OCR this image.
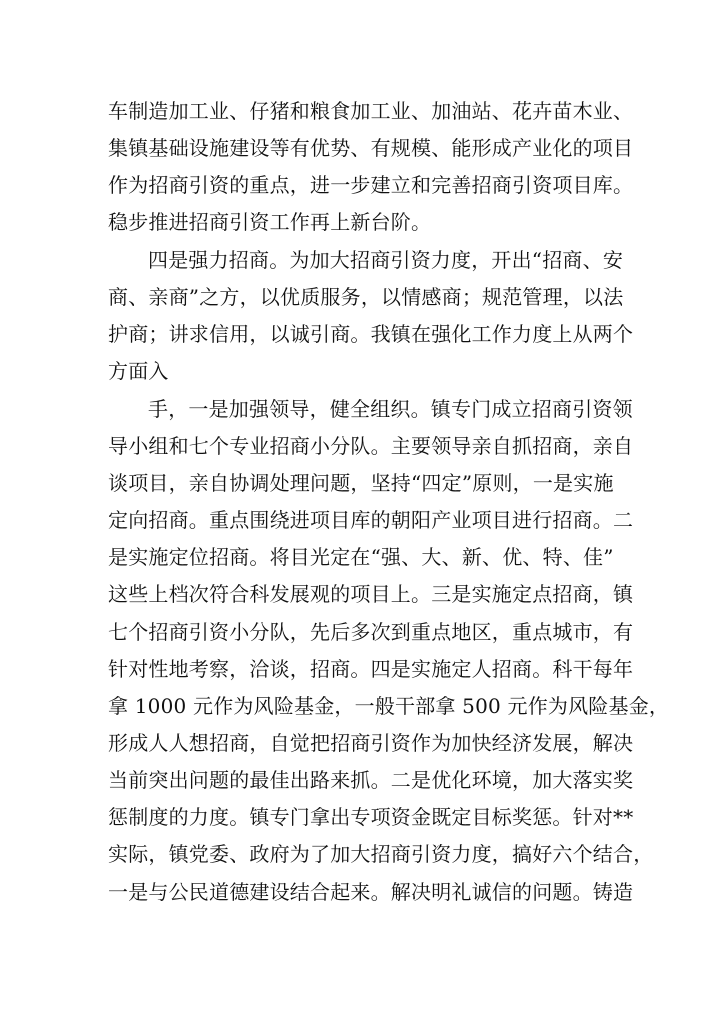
车制造加工业、仔猪和粮食加工业、加油站、花卉苗木业、
集镇基础设施建设等有优势、有规模、能形成产业化的项目
作为招商引资的重点，进一步建立和完善招商引资项目库。
稳步推进招商引资工作再上新台阶。
四是强力招商。为加大招商引资力度，开出“招商、安
商、亲商”之方，以优质服务，以情感商；规范管理，以法
护商；讲求信用，以诚引商。我镇在强化工作力度上从两个
方面入
手，一是加强领导，健全组织。镇专门成立招商引资领
导小组和七个专业招商小分队。主要领导亲自抓招商，亲自
谈项目，亲自协调处理问题，坚持“四定”原则，一是实施
定向招商。重点围绕进项目库的朝阳产业项目进行招商。二
是实施定位招商。将目光定在“强、大、新、优、特、佳”
这些上档次符合科发展观的项目上。三是实施定点招商，镇
七个招商引资小分队，先后多次到重点地区，重点城市，有
针对性地考察，洽谈，招商。四是实施定人招商。科干每年
拿 1000 元作为风险基金，一般干部拿 500 元作为风险基金，
形成人人想招商，自觉把招商引资作为加快经济发展，解决
当前突出问题的最佳出路来抓。二是优化环境，加大落实奖
惩制度的力度。镇专门拿出专项资金既定目标奖惩。针对**
实际，镇党委、政府为了加大招商引资力度，搞好六个结合，
一是与公民道德建设结合起来。解决明礼诚信的问题。铸造
